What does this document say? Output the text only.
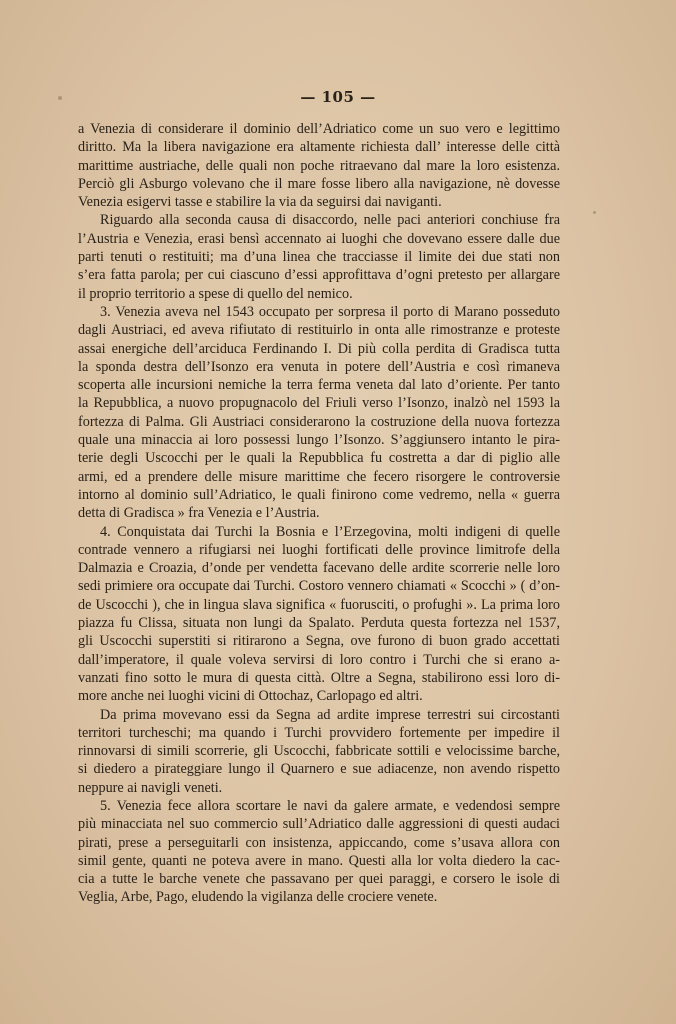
— 105 —
a Venezia di considerare il dominio dell’Adriatico come un suo vero e legittimo
diritto. Ma la libera navigazione era altamente richiesta dall’ interesse delle città
marittime austriache, delle quali non poche ritraevano dal mare la loro esistenza.
Perciò gli Asburgo volevano che il mare fosse libero alla navigazione, nè dovesse
Venezia esigervi tasse e stabilire la via da seguirsi dai naviganti.
Riguardo alla seconda causa di disaccordo, nelle paci anteriori conchiuse fra
l’Austria e Venezia, erasi bensì accennato ai luoghi che dovevano essere dalle due
parti tenuti o restituiti; ma d’una linea che tracciasse il limite dei due stati non
s’era fatta parola; per cui ciascuno d’essi approfittava d’ogni pretesto per allargare
il proprio territorio a spese di quello del nemico.
3. Venezia aveva nel 1543 occupato per sorpresa il porto di Marano posseduto
dagli Austriaci, ed aveva rifiutato di restituirlo in onta alle rimostranze e proteste
assai energiche dell’arciduca Ferdinando I. Di più colla perdita di Gradisca tutta
la sponda destra dell’Isonzo era venuta in potere dell’Austria e così rimaneva
scoperta alle incursioni nemiche la terra ferma veneta dal lato d’oriente. Per tanto
la Repubblica, a nuovo propugnacolo del Friuli verso l’Isonzo, inalzò nel 1593 la
fortezza di Palma. Gli Austriaci considerarono la costruzione della nuova fortezza
quale una minaccia ai loro possessi lungo l’Isonzo. S’aggiunsero intanto le pira-
terie degli Uscocchi per le quali la Repubblica fu costretta a dar di piglio alle
armi, ed a prendere delle misure marittime che fecero risorgere le controversie
intorno al dominio sull’Adriatico, le quali finirono come vedremo, nella « guerra
detta di Gradisca » fra Venezia e l’Austria.
4. Conquistata dai Turchi la Bosnia e l’Erzegovina, molti indigeni di quelle
contrade vennero a rifugiarsi nei luoghi fortificati delle province limitrofe della
Dalmazia e Croazia, d’onde per vendetta facevano delle ardite scorrerie nelle loro
sedi primiere ora occupate dai Turchi. Costoro vennero chiamati « Scocchi » ( d’on-
de Uscocchi ), che in lingua slava significa « fuorusciti, o profughi ». La prima loro
piazza fu Clissa, situata non lungi da Spalato. Perduta questa fortezza nel 1537,
gli Uscocchi superstiti si ritirarono a Segna, ove furono di buon grado accettati
dall’imperatore, il quale voleva servirsi di loro contro i Turchi che si erano a-
vanzati fino sotto le mura di questa città. Oltre a Segna, stabilirono essi loro di-
more anche nei luoghi vicini di Ottochaz, Carlopago ed altri.
Da prima movevano essi da Segna ad ardite imprese terrestri sui circostanti
territori turcheschi; ma quando i Turchi provvidero fortemente per impedire il
rinnovarsi di simili scorrerie, gli Uscocchi, fabbricate sottili e velocissime barche,
si diedero a pirateggiare lungo il Quarnero e sue adiacenze, non avendo rispetto
neppure ai navigli veneti.
5. Venezia fece allora scortare le navi da galere armate, e vedendosi sempre
più minacciata nel suo commercio sull’Adriatico dalle aggressioni di questi audaci
pirati, prese a perseguitarli con insistenza, appiccando, come s’usava allora con
simil gente, quanti ne poteva avere in mano. Questi alla lor volta diedero la cac-
cia a tutte le barche venete che passavano per quei paraggi, e corsero le isole di
Veglia, Arbe, Pago, eludendo la vigilanza delle crociere venete.
